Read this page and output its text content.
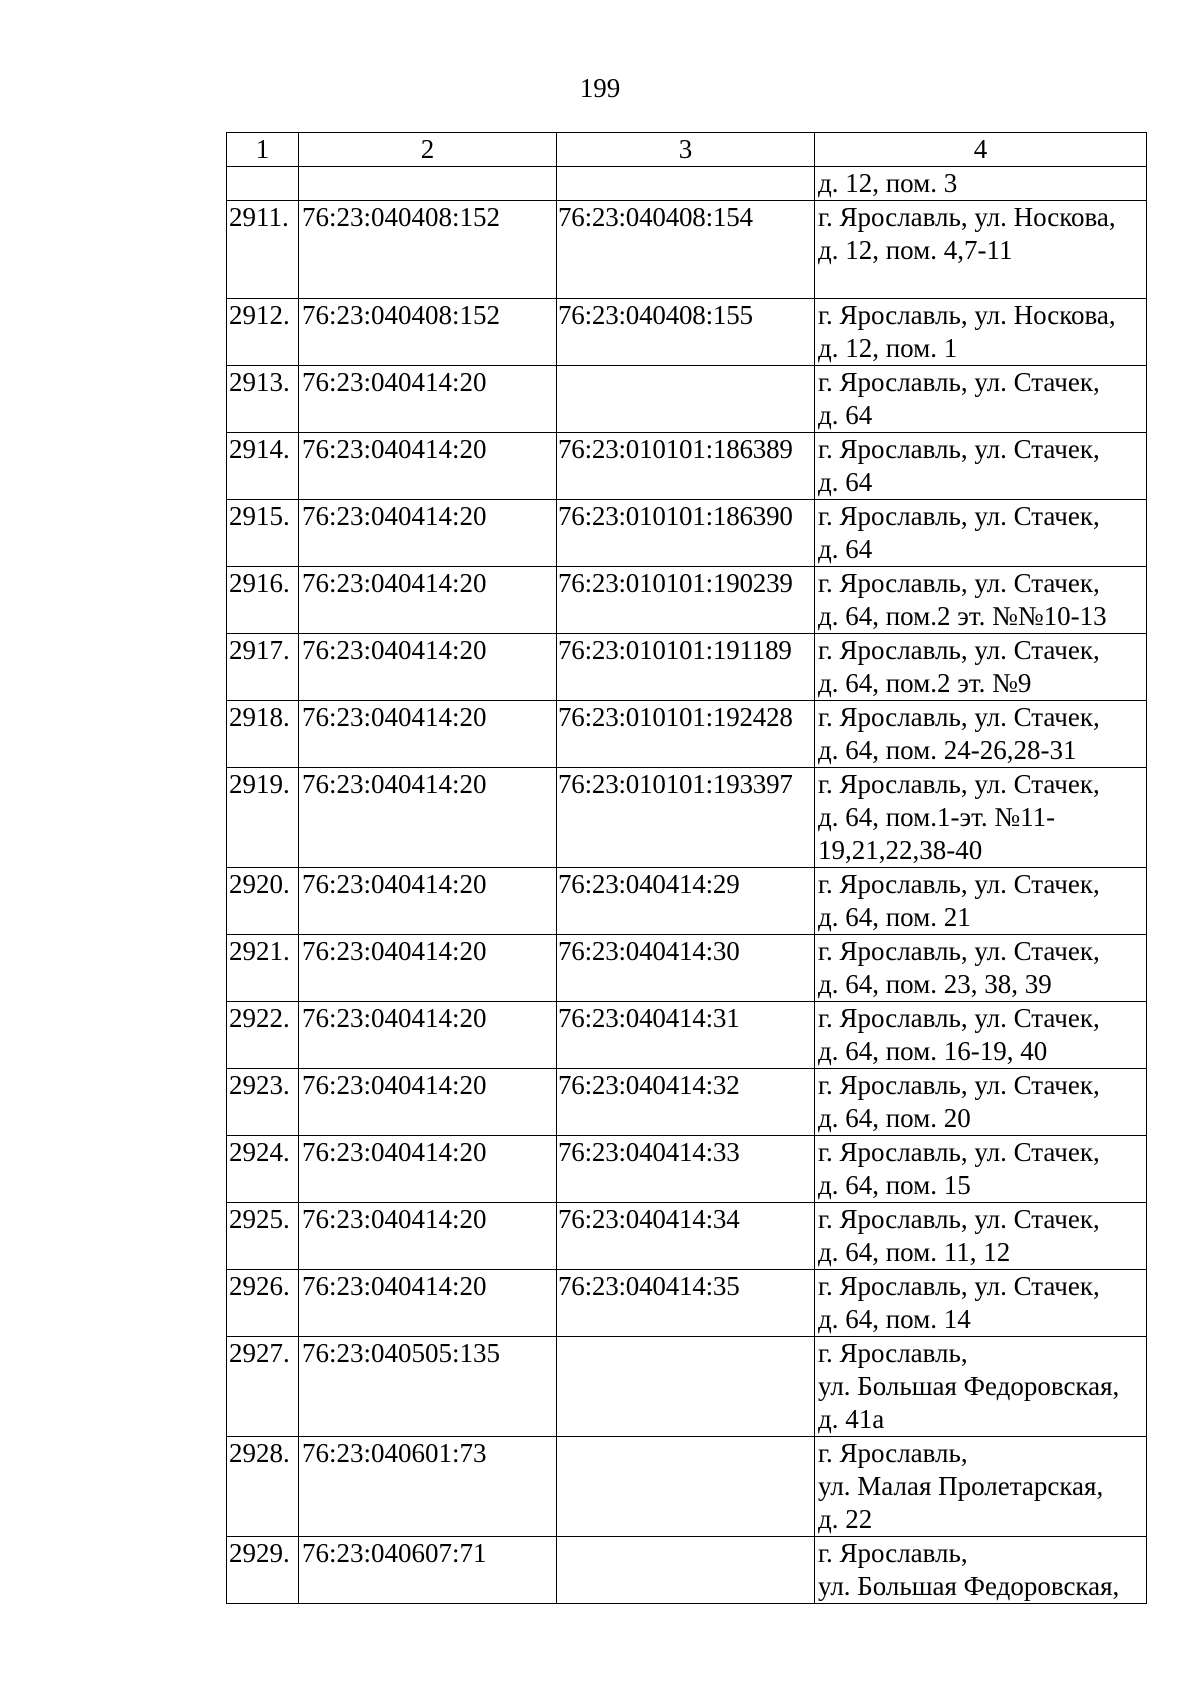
199
1	2	3	4
			д. 12, пом. 3
2911.	76:23:040408:152	76:23:040408:154	г. Ярославль, ул. Носкова,
д. 12, пом. 4,7-11
2912.	76:23:040408:152	76:23:040408:155	г. Ярославль, ул. Носкова,
д. 12, пом. 1
2913.	76:23:040414:20		г. Ярославль, ул. Стачек,
д. 64
2914.	76:23:040414:20	76:23:010101:186389	г. Ярославль, ул. Стачек,
д. 64
2915.	76:23:040414:20	76:23:010101:186390	г. Ярославль, ул. Стачек,
д. 64
2916.	76:23:040414:20	76:23:010101:190239	г. Ярославль, ул. Стачек,
д. 64, пом.2 эт. №№10-13
2917.	76:23:040414:20	76:23:010101:191189	г. Ярославль, ул. Стачек,
д. 64, пом.2 эт. №9
2918.	76:23:040414:20	76:23:010101:192428	г. Ярославль, ул. Стачек,
д. 64, пом. 24-26,28-31
2919.	76:23:040414:20	76:23:010101:193397	г. Ярославль, ул. Стачек,
д. 64, пом.1-эт. №11-
19,21,22,38-40
2920.	76:23:040414:20	76:23:040414:29	г. Ярославль, ул. Стачек,
д. 64, пом. 21
2921.	76:23:040414:20	76:23:040414:30	г. Ярославль, ул. Стачек,
д. 64, пом. 23, 38, 39
2922.	76:23:040414:20	76:23:040414:31	г. Ярославль, ул. Стачек,
д. 64, пом. 16-19, 40
2923.	76:23:040414:20	76:23:040414:32	г. Ярославль, ул. Стачек,
д. 64, пом. 20
2924.	76:23:040414:20	76:23:040414:33	г. Ярославль, ул. Стачек,
д. 64, пом. 15
2925.	76:23:040414:20	76:23:040414:34	г. Ярославль, ул. Стачек,
д. 64, пом. 11, 12
2926.	76:23:040414:20	76:23:040414:35	г. Ярославль, ул. Стачек,
д. 64, пом. 14
2927.	76:23:040505:135		г. Ярославль,
ул. Большая Федоровская,
д. 41а
2928.	76:23:040601:73		г. Ярославль,
ул. Малая Пролетарская,
д. 22
2929.	76:23:040607:71		г. Ярославль,
ул. Большая Федоровская,
